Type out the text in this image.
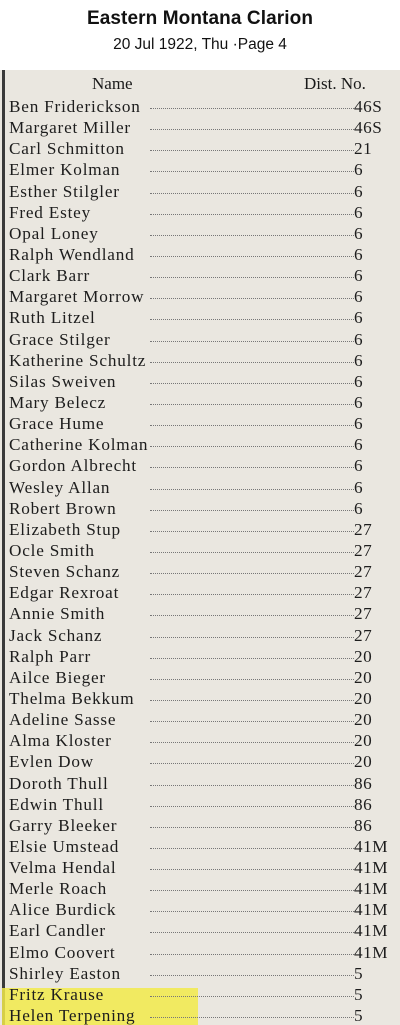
Eastern Montana Clarion
20 Jul 1922, Thu ·Page 4
Name	Dist. No.
Ben Friderickson	46S
Margaret Miller	46S
Carl Schmitton	21
Elmer Kolman	6
Esther Stilgler	6
Fred Estey	6
Opal Loney	6
Ralph Wendland	6
Clark Barr	6
Margaret Morrow	6
Ruth Litzel	6
Grace Stilger	6
Katherine Schultz	6
Silas Sweiven	6
Mary Belecz	6
Grace Hume	6
Catherine Kolman	6
Gordon Albrecht	6
Wesley Allan	6
Robert Brown	6
Elizabeth Stup	27
Ocle Smith	27
Steven Schanz	27
Edgar Rexroat	27
Annie Smith	27
Jack Schanz	27
Ralph Parr	20
Ailce Bieger	20
Thelma Bekkum	20
Adeline Sasse	20
Alma Kloster	20
Evlen Dow	20
Doroth Thull	86
Edwin Thull	86
Garry Bleeker	86
Elsie Umstead	41M
Velma Hendal	41M
Merle Roach	41M
Alice Burdick	41M
Earl Candler	41M
Elmo Coovert	41M
Shirley Easton	5
Fritz Krause	5
Helen Terpening	5
